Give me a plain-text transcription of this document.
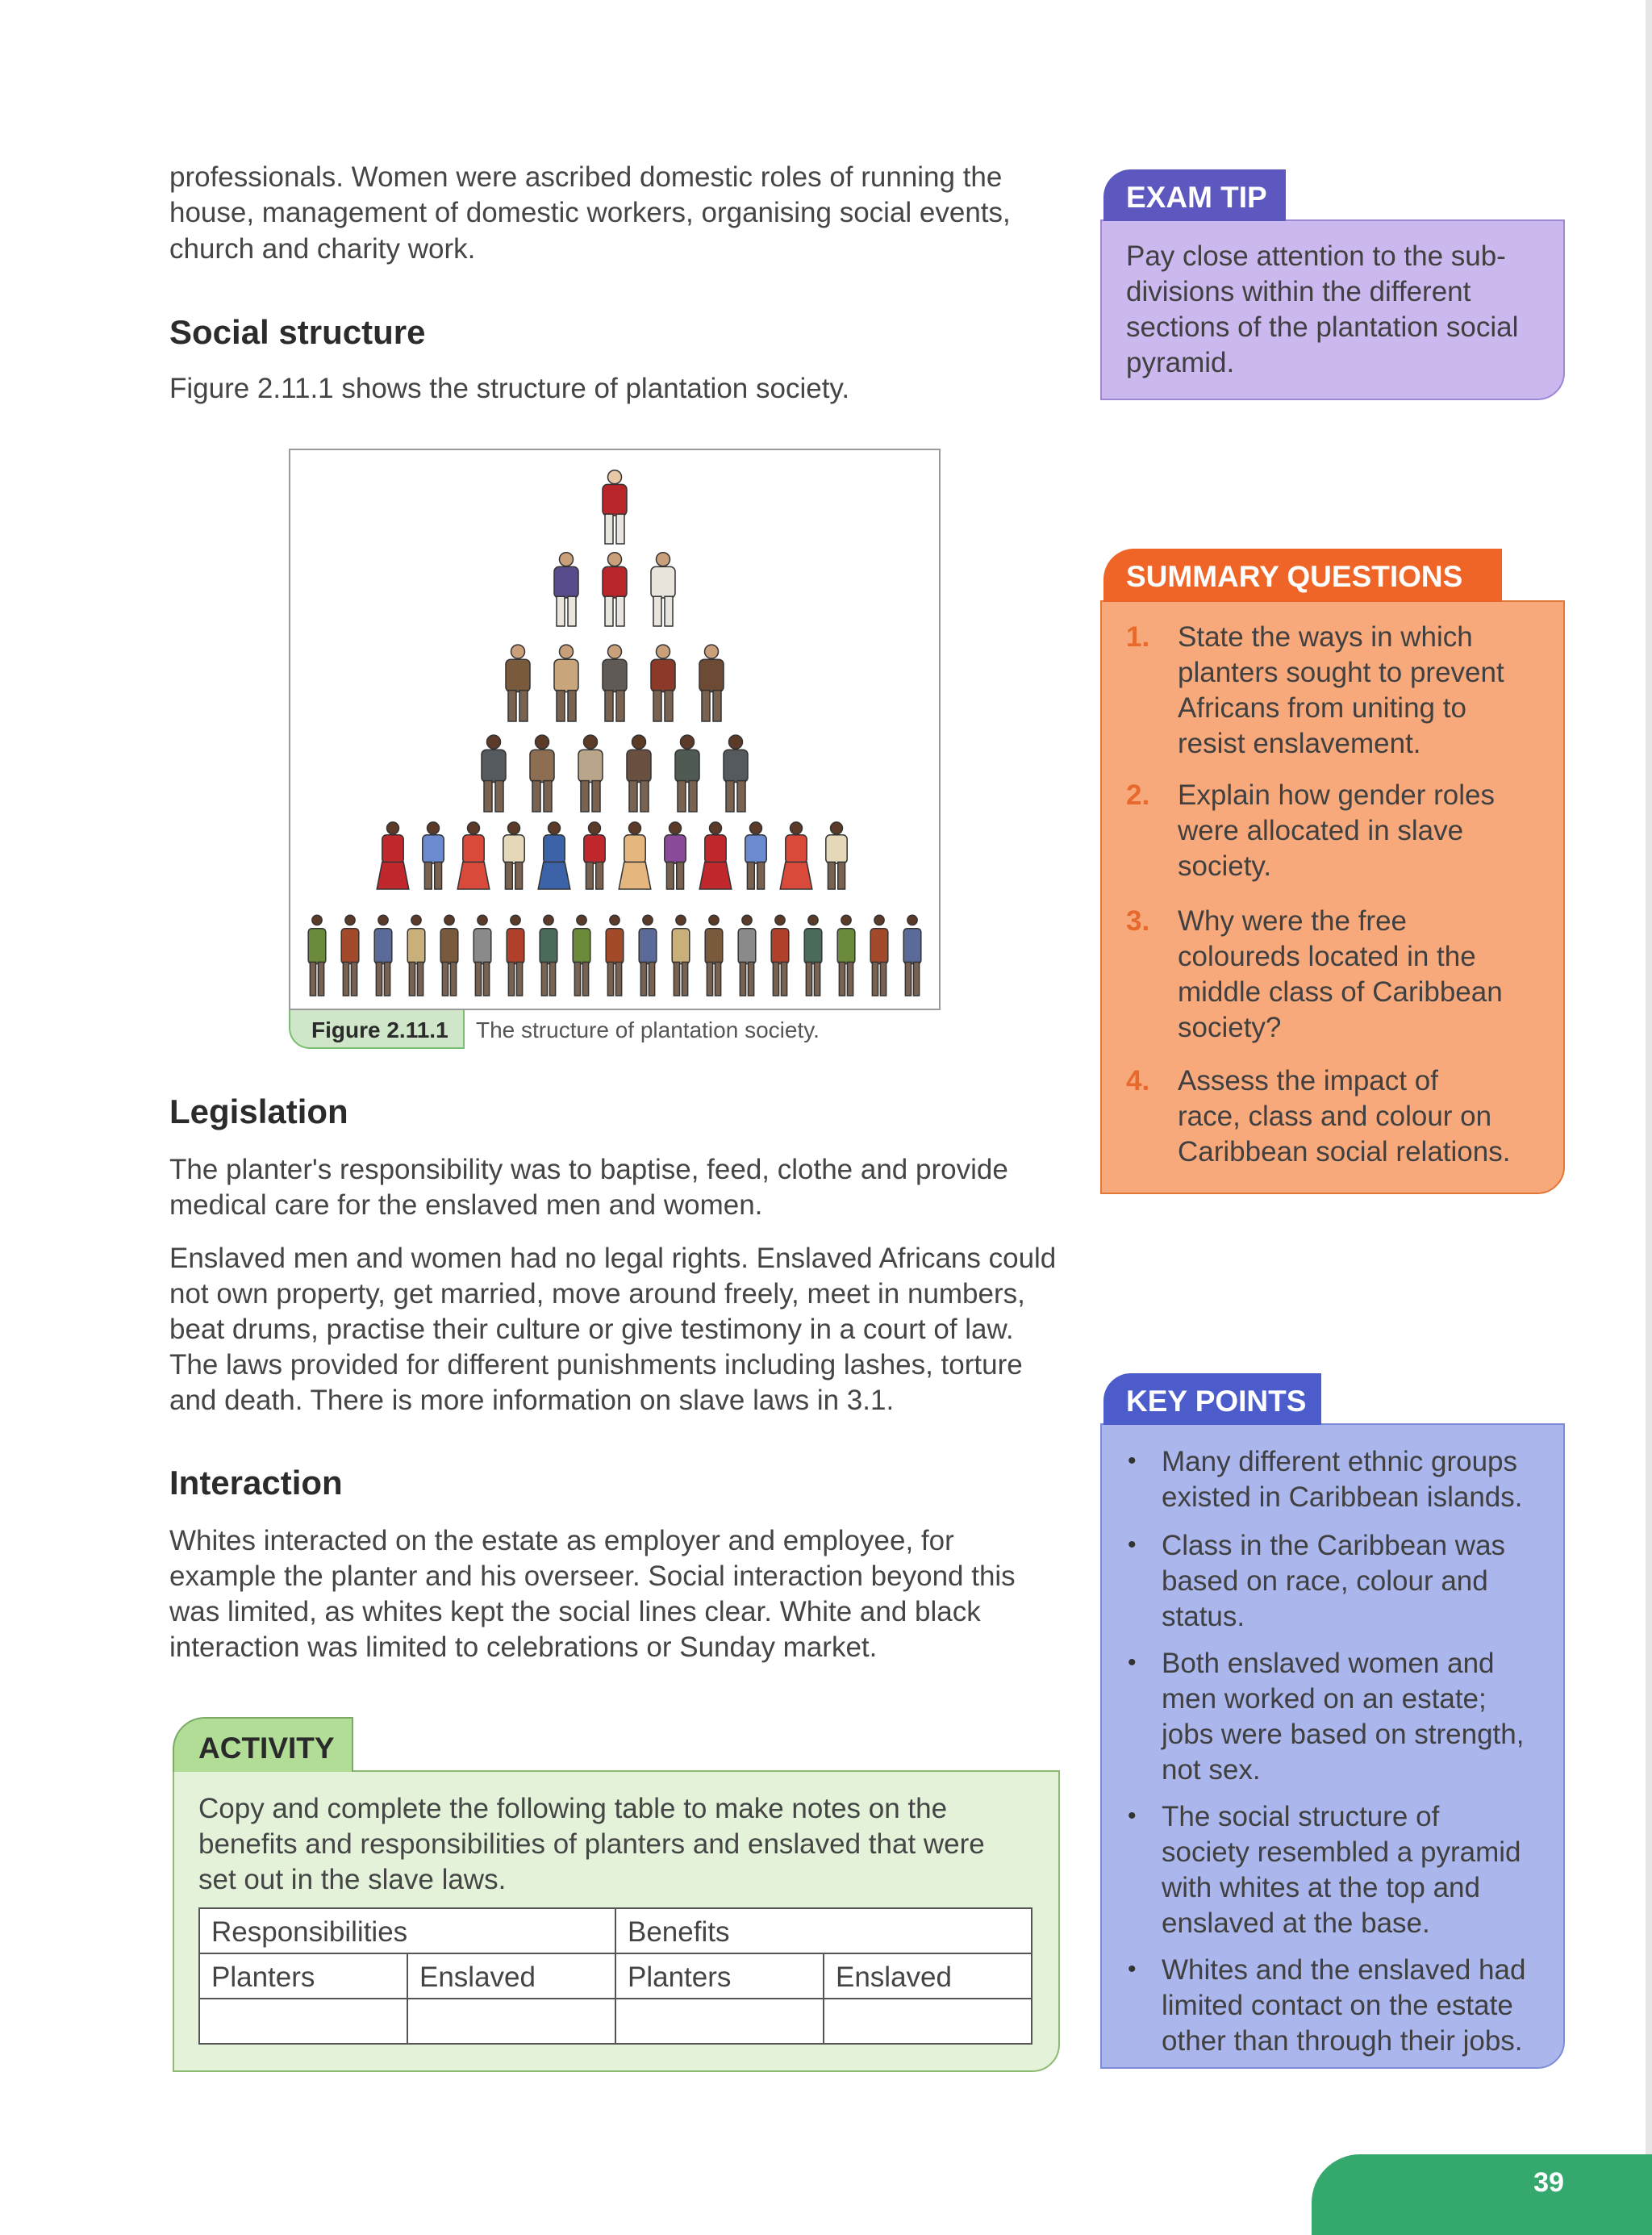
professionals. Women were ascribed domestic roles of running the
house, management of domestic workers, organising social events,
church and charity work.
Social structure
Figure 2.11.1 shows the structure of plantation society.
Figure 2.11.1	The structure of plantation society.
Legislation
The planter's responsibility was to baptise, feed, clothe and provide
medical care for the enslaved men and women.
Enslaved men and women had no legal rights. Enslaved Africans could
not own property, get married, move around freely, meet in numbers,
beat drums, practise their culture or give testimony in a court of law.
The laws provided for different punishments including lashes, torture
and death. There is more information on slave laws in 3.1.
Interaction
Whites interacted on the estate as employer and employee, for
example the planter and his overseer. Social interaction beyond this
was limited, as whites kept the social lines clear. White and black
interaction was limited to celebrations or Sunday market.
ACTIVITY
Copy and complete the following table to make notes on the
benefits and responsibilities of planters and enslaved that were
set out in the slave laws.
Responsibilities		Benefits	
Planters	Enslaved	Planters	Enslaved

EXAM TIP
Pay close attention to the sub-
divisions within the different
sections of the plantation social
pyramid.
SUMMARY QUESTIONS
1. State the ways in which
planters sought to prevent
Africans from uniting to
resist enslavement.
2. Explain how gender roles
were allocated in slave
society.
3. Why were the free
coloureds located in the
middle class of Caribbean
society?
4. Assess the impact of
race, class and colour on
Caribbean social relations.
KEY POINTS
• Many different ethnic groups
existed in Caribbean islands.
• Class in the Caribbean was
based on race, colour and
status.
• Both enslaved women and
men worked on an estate;
jobs were based on strength,
not sex.
• The social structure of
society resembled a pyramid
with whites at the top and
enslaved at the base.
• Whites and the enslaved had
limited contact on the estate
other than through their jobs.
39
